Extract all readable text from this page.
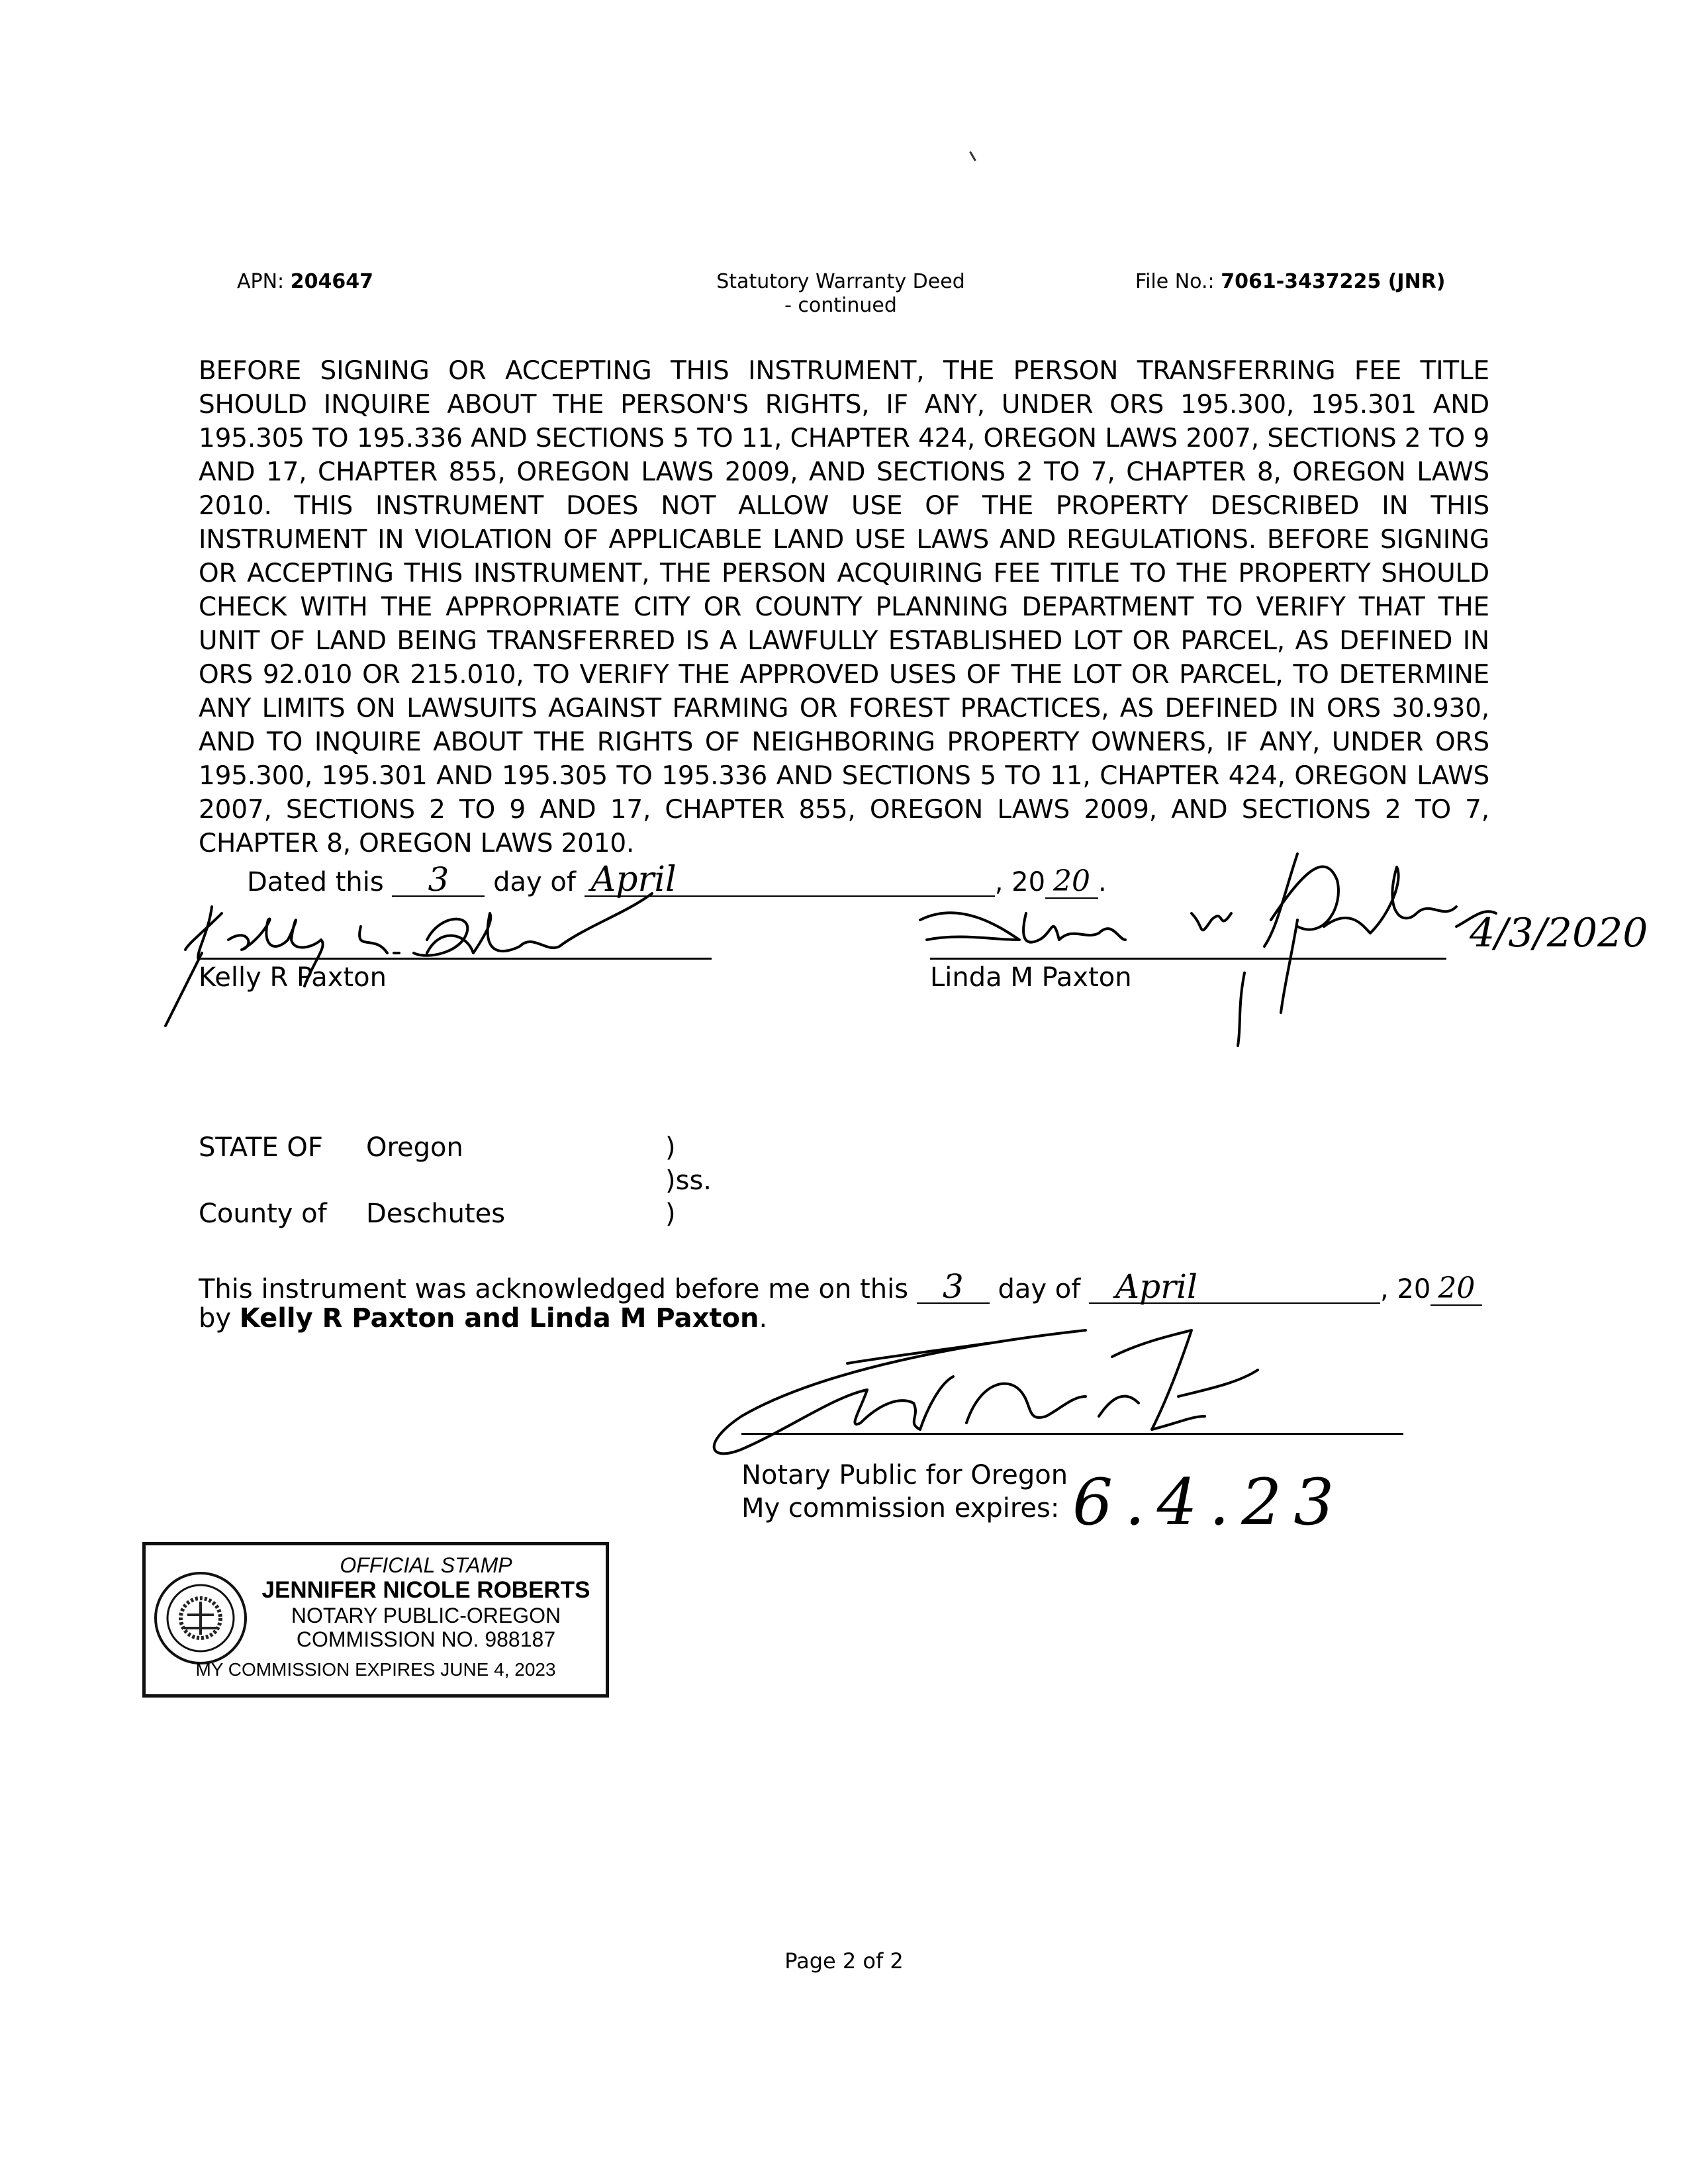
APN: 204647	Statutory Warranty Deed
- continued
File No.: 7061-3437225 (JNR)
BEFORE SIGNING OR ACCEPTING THIS INSTRUMENT, THE PERSON TRANSFERRING FEE TITLE SHOULD INQUIRE ABOUT THE PERSON'S RIGHTS, IF ANY, UNDER ORS 195.300, 195.301 AND 195.305 TO 195.336 AND SECTIONS 5 TO 11, CHAPTER 424, OREGON LAWS 2007, SECTIONS 2 TO 9 AND 17, CHAPTER 855, OREGON LAWS 2009, AND SECTIONS 2 TO 7, CHAPTER 8, OREGON LAWS 2010. THIS INSTRUMENT DOES NOT ALLOW USE OF THE PROPERTY DESCRIBED IN THIS INSTRUMENT IN VIOLATION OF APPLICABLE LAND USE LAWS AND REGULATIONS. BEFORE SIGNING OR ACCEPTING THIS INSTRUMENT, THE PERSON ACQUIRING FEE TITLE TO THE PROPERTY SHOULD CHECK WITH THE APPROPRIATE CITY OR COUNTY PLANNING DEPARTMENT TO VERIFY THAT THE UNIT OF LAND BEING TRANSFERRED IS A LAWFULLY ESTABLISHED LOT OR PARCEL, AS DEFINED IN ORS 92.010 OR 215.010, TO VERIFY THE APPROVED USES OF THE LOT OR PARCEL, TO DETERMINE ANY LIMITS ON LAWSUITS AGAINST FARMING OR FOREST PRACTICES, AS DEFINED IN ORS 30.930, AND TO INQUIRE ABOUT THE RIGHTS OF NEIGHBORING PROPERTY OWNERS, IF ANY, UNDER ORS 195.300, 195.301 AND 195.305 TO 195.336 AND SECTIONS 5 TO 11, CHAPTER 424, OREGON LAWS 2007, SECTIONS 2 TO 9 AND 17, CHAPTER 855, OREGON LAWS 2009, AND SECTIONS 2 TO 7, CHAPTER 8, OREGON LAWS 2010.
Dated this 3 day of April	, 20 20 .
4/3/2020
Kelly R Paxton	Linda M Paxton
STATE OF Oregon	)
)ss.
County of Deschutes	)
This instrument was acknowledged before me on this 3 day of April	, 20 20
by Kelly R Paxton and Linda M Paxton.
Notary Public for Oregon
My commission expires: 6.4.23
OFFICIAL STAMP
JENNIFER NICOLE ROBERTS
NOTARY PUBLIC-OREGON
COMMISSION NO. 988187
MY COMMISSION EXPIRES JUNE 4, 2023
Page 2 of 2
